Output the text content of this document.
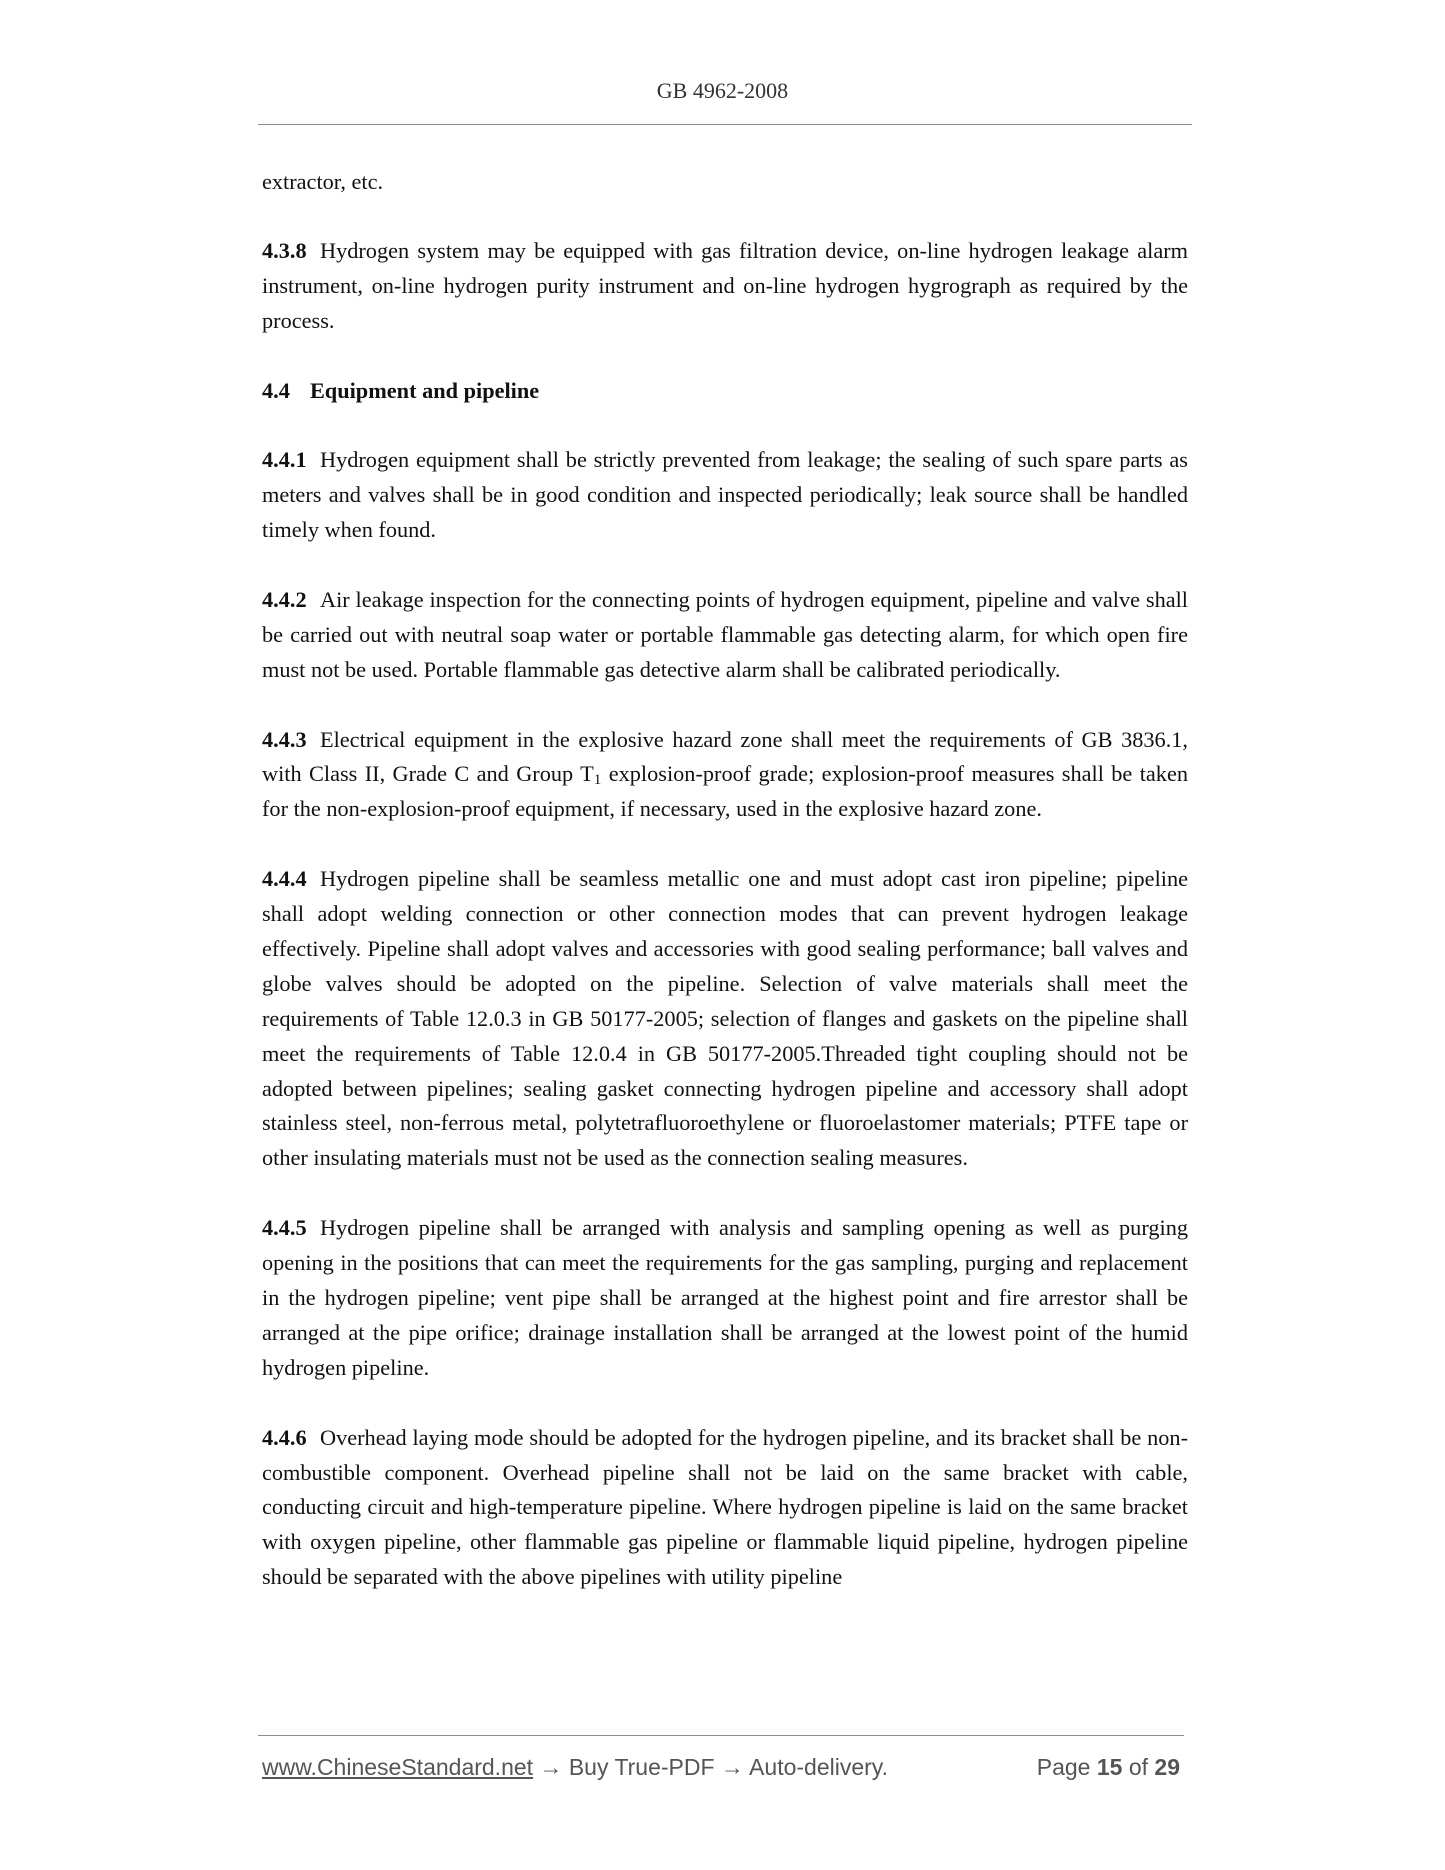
GB 4962-2008

extractor, etc.

4.3.8 Hydrogen system may be equipped with gas filtration device, on-line hydrogen leakage alarm instrument, on-line hydrogen purity instrument and on-line hydrogen hygrograph as required by the process.

4.4 Equipment and pipeline

4.4.1 Hydrogen equipment shall be strictly prevented from leakage; the sealing of such spare parts as meters and valves shall be in good condition and inspected periodically; leak source shall be handled timely when found.

4.4.2 Air leakage inspection for the connecting points of hydrogen equipment, pipeline and valve shall be carried out with neutral soap water or portable flammable gas detecting alarm, for which open fire must not be used. Portable flammable gas detective alarm shall be calibrated periodically.

4.4.3 Electrical equipment in the explosive hazard zone shall meet the requirements of GB 3836.1, with Class II, Grade C and Group $T_1$ explosion-proof grade; explosion-proof measures shall be taken for the non-explosion-proof equipment, if necessary, used in the explosive hazard zone.

4.4.4 Hydrogen pipeline shall be seamless metallic one and must adopt cast iron pipeline; pipeline shall adopt welding connection or other connection modes that can prevent hydrogen leakage effectively. Pipeline shall adopt valves and accessories with good sealing performance; ball valves and globe valves should be adopted on the pipeline. Selection of valve materials shall meet the requirements of Table 12.0.3 in GB 50177-2005; selection of flanges and gaskets on the pipeline shall meet the requirements of Table 12.0.4 in GB 50177-2005.Threaded tight coupling should not be adopted between pipelines; sealing gasket connecting hydrogen pipeline and accessory shall adopt stainless steel, non-ferrous metal, polytetrafluoroethylene or fluoroelastomer materials; PTFE tape or other insulating materials must not be used as the connection sealing measures.

4.4.5 Hydrogen pipeline shall be arranged with analysis and sampling opening as well as purging opening in the positions that can meet the requirements for the gas sampling, purging and replacement in the hydrogen pipeline; vent pipe shall be arranged at the highest point and fire arrestor shall be arranged at the pipe orifice; drainage installation shall be arranged at the lowest point of the humid hydrogen pipeline.

4.4.6 Overhead laying mode should be adopted for the hydrogen pipeline, and its bracket shall be non-combustible component. Overhead pipeline shall not be laid on the same bracket with cable, conducting circuit and high-temperature pipeline. Where hydrogen pipeline is laid on the same bracket with oxygen pipeline, other flammable gas pipeline or flammable liquid pipeline, hydrogen pipeline should be separated with the above pipelines with utility pipeline

www.ChineseStandard.net → Buy True-PDF → Auto-delivery.	Page 15 of 29
